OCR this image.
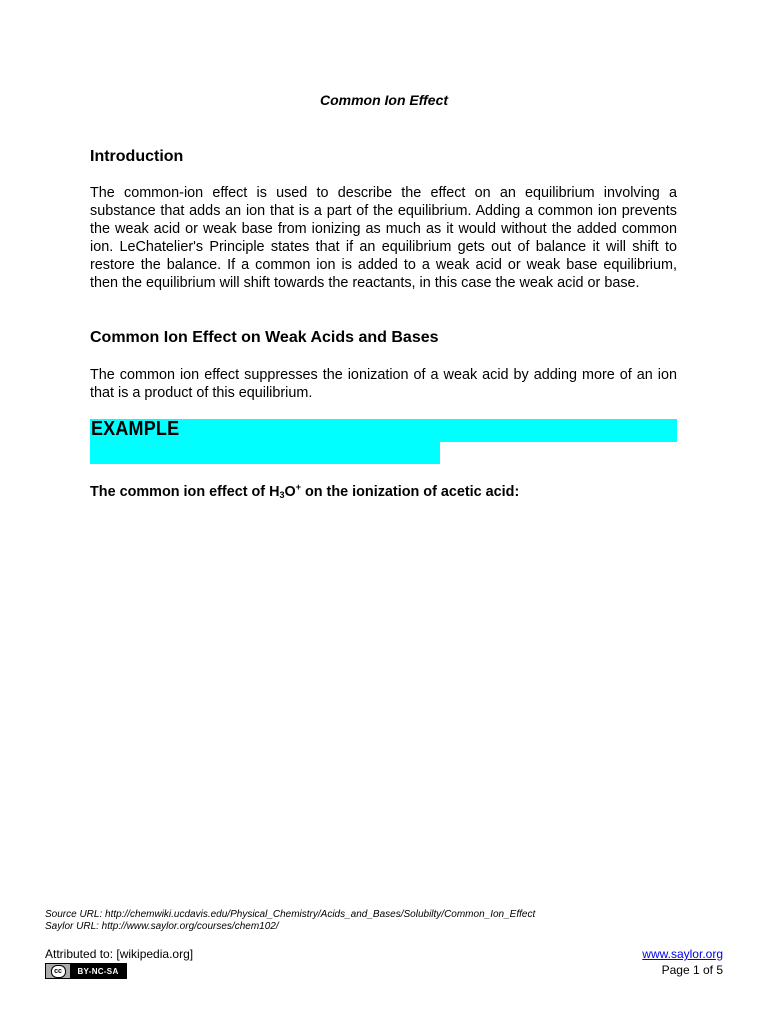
Common Ion Effect
Introduction

The common-ion effect is used to describe the effect on an equilibrium involving a substance that adds an ion that is a part of the equilibrium. Adding a common ion prevents the weak acid or weak base from ionizing as much as it would without the added common ion. LeChatelier's Principle states that if an equilibrium gets out of balance it will shift to restore the balance. If a common ion is added to a weak acid or weak base equilibrium, then the equilibrium will shift towards the reactants, in this case the weak acid or base.

Common Ion Effect on Weak Acids and Bases

The common ion effect suppresses the ionization of a weak acid by adding more of an ion that is a product of this equilibrium.

EXAMPLE
The common ion effect of $H_3O^+$ on the ionization of acetic acid:
Source URL: http://chemwiki.ucdavis.edu/Physical_Chemistry/Acids_and_Bases/Solubilty/Common_Ion_Effect
Saylor URL: http://www.saylor.org/courses/chem102/
Attributed to: [wikipedia.org]
cc	BY-NC-SA
www.saylor.org
Page 1 of 5
